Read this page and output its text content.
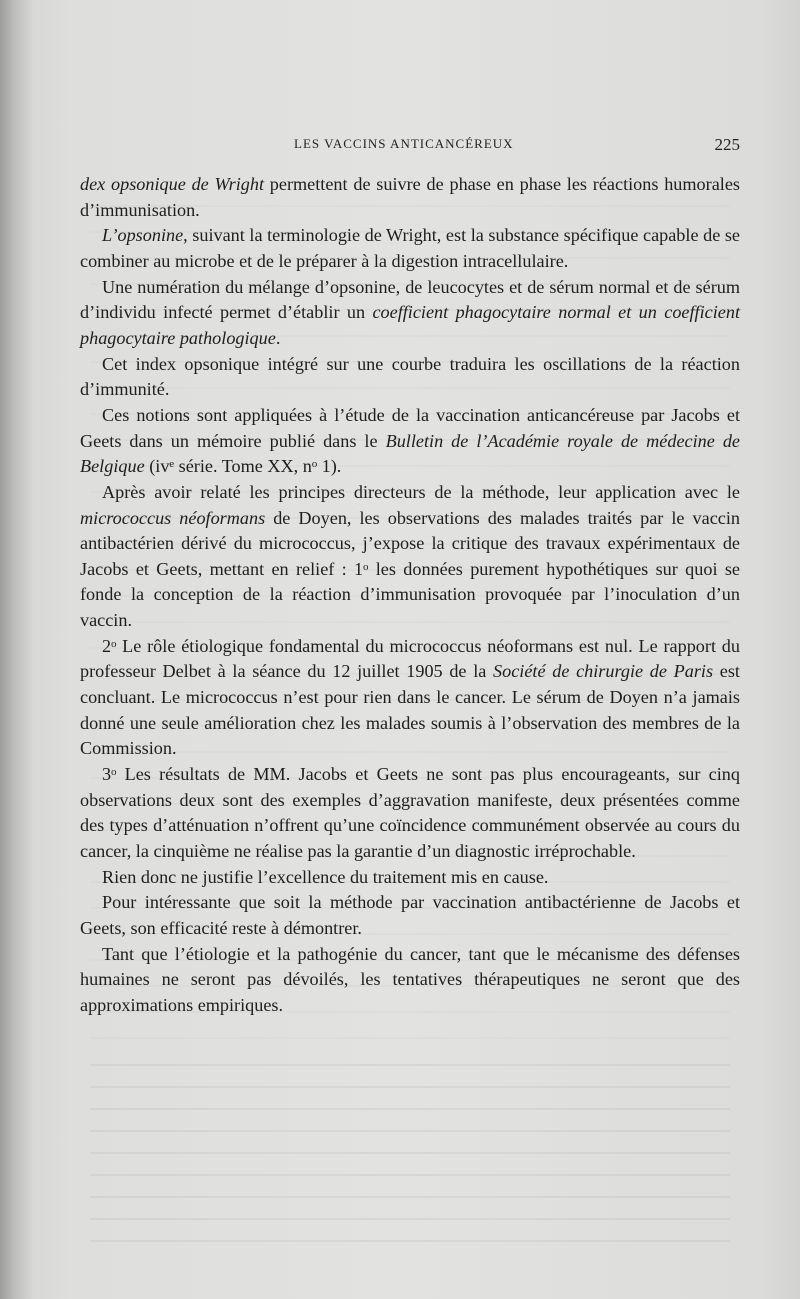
LES VACCINS ANTICANCÉREUX	225

dex opsonique de Wright permettent de suivre de phase en phase les réactions humorales d’immunisation.

L’opsonine, suivant la terminologie de Wright, est la substance spécifique capable de se combiner au microbe et de le préparer à la digestion intracellulaire.

Une numération du mélange d’opsonine, de leucocytes et de sérum normal et de sérum d’individu infecté permet d’établir un coefficient phagocytaire normal et un coefficient phagocytaire pathologique.

Cet index opsonique intégré sur une courbe traduira les oscillations de la réaction d’immunité.

Ces notions sont appliquées à l’étude de la vaccination anticancéreuse par Jacobs et Geets dans un mémoire publié dans le Bulletin de l’Académie royale de médecine de Belgique (ivᵉ série. Tome XX, nᵒ 1).

Après avoir relaté les principes directeurs de la méthode, leur application avec le micrococcus néoformans de Doyen, les observations des malades traités par le vaccin antibactérien dérivé du micrococcus, j’expose la critique des travaux expérimentaux de Jacobs et Geets, mettant en relief : 1ᵒ les données purement hypothétiques sur quoi se fonde la conception de la réaction d’immunisation provoquée par l’inoculation d’un vaccin.

2ᵒ Le rôle étiologique fondamental du micrococcus néoformans est nul. Le rapport du professeur Delbet à la séance du 12 juillet 1905 de la Société de chirurgie de Paris est concluant. Le micrococcus n’est pour rien dans le cancer. Le sérum de Doyen n’a jamais donné une seule amélioration chez les malades soumis à l’observation des membres de la Commission.

3ᵒ Les résultats de MM. Jacobs et Geets ne sont pas plus encourageants, sur cinq observations deux sont des exemples d’aggravation manifeste, deux présentées comme des types d’atténuation n’offrent qu’une coïncidence communément observée au cours du cancer, la cinquième ne réalise pas la garantie d’un diagnostic irréprochable.

Rien donc ne justifie l’excellence du traitement mis en cause.

Pour intéressante que soit la méthode par vaccination antibactérienne de Jacobs et Geets, son efficacité reste à démontrer.

Tant que l’étiologie et la pathogénie du cancer, tant que le mécanisme des défenses humaines ne seront pas dévoilés, les tentatives thérapeutiques ne seront que des approximations empiriques.
